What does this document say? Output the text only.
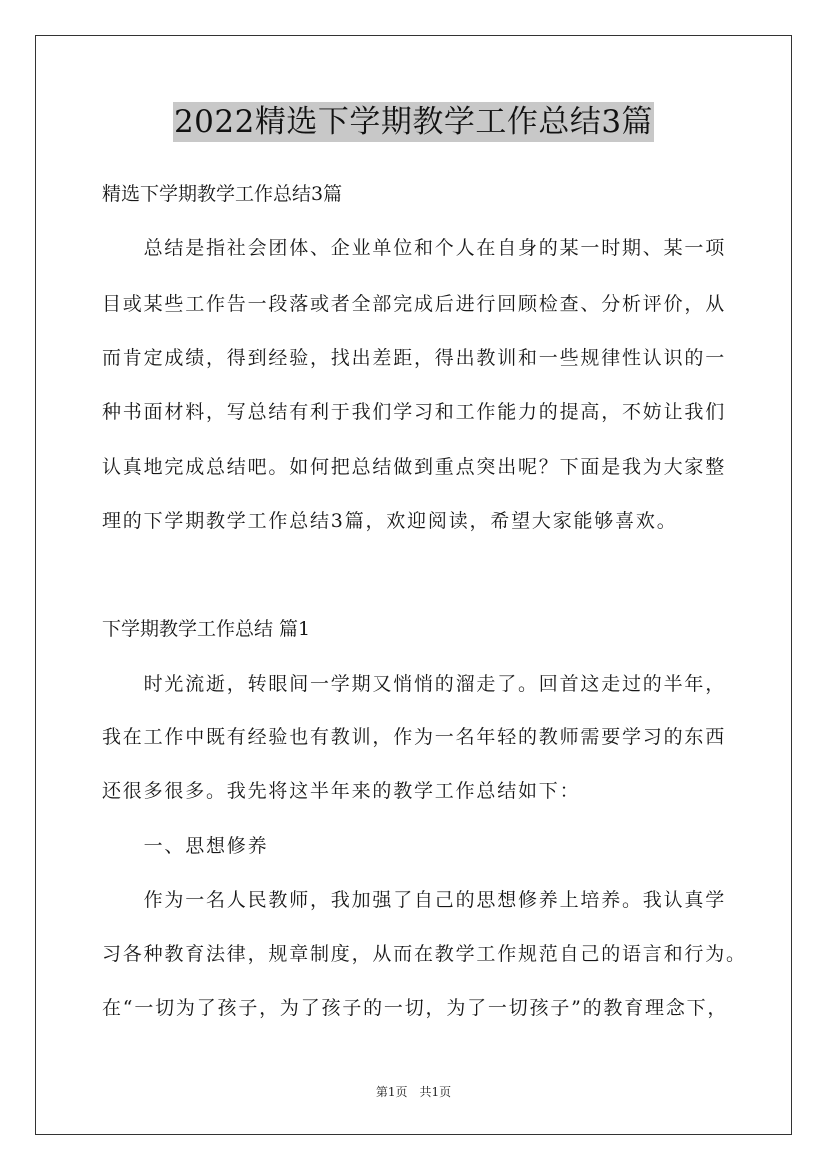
2022精选下学期教学工作总结3篇
精选下学期教学工作总结3篇
　　总结是指社会团体、企业单位和个人在自身的某一时期、某一项
目或某些工作告一段落或者全部完成后进行回顾检查、分析评价，从
而肯定成绩，得到经验，找出差距，得出教训和一些规律性认识的一
种书面材料，写总结有利于我们学习和工作能力的提高，不妨让我们
认真地完成总结吧。如何把总结做到重点突出呢？下面是我为大家整
理的下学期教学工作总结3篇，欢迎阅读，希望大家能够喜欢。
下学期教学工作总结 篇1
　　时光流逝，转眼间一学期又悄悄的溜走了。回首这走过的半年，
我在工作中既有经验也有教训，作为一名年轻的教师需要学习的东西
还很多很多。我先将这半年来的教学工作总结如下：
　　一、思想修养
　　作为一名人民教师，我加强了自己的思想修养上培养。我认真学
习各种教育法律，规章制度，从而在教学工作规范自己的语言和行为。
在“一切为了孩子，为了孩子的一切，为了一切孩子”的教育理念下，
第1页　共1页
